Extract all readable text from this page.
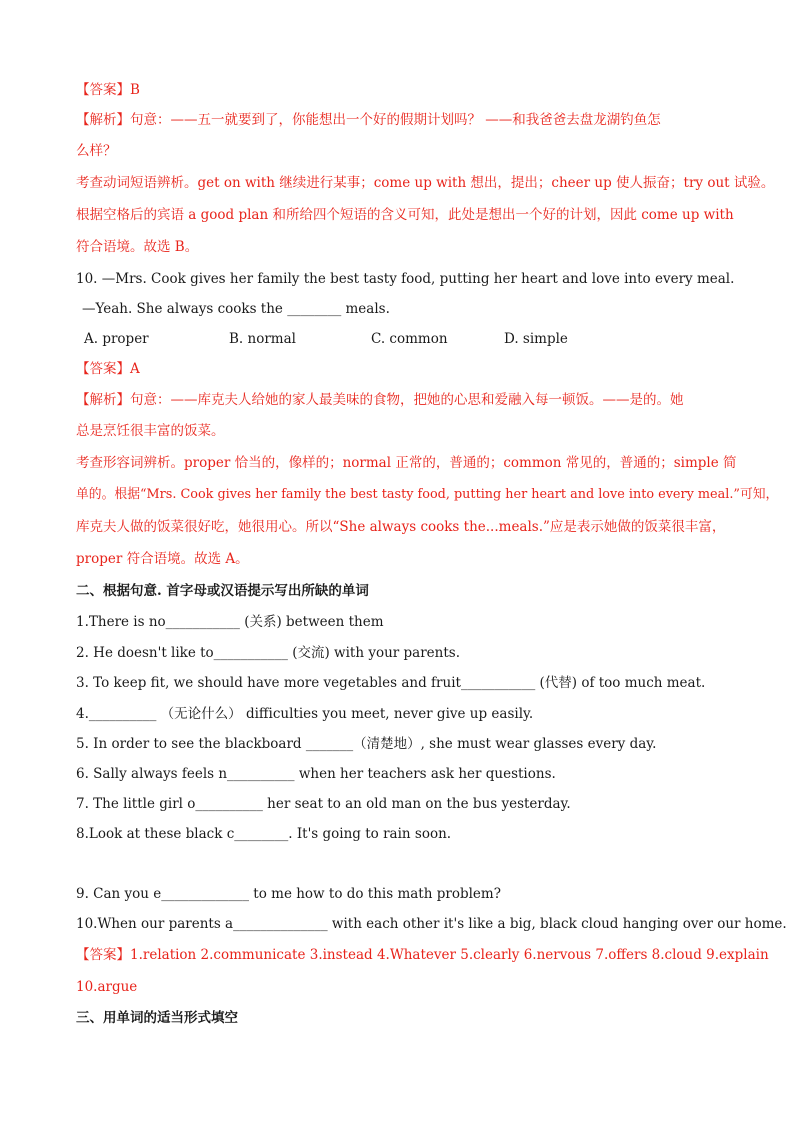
【答案】B
【解析】句意：——五一就要到了，你能想出一个好的假期计划吗？ ——和我爸爸去盘龙湖钓鱼怎
么样？
考查动词短语辨析。get on with 继续进行某事；come up with 想出，提出；cheer up 使人振奋；try out 试验。
根据空格后的宾语 a good plan 和所给四个短语的含义可知，此处是想出一个好的计划，因此 come up with
符合语境。故选 B。
10. —Mrs. Cook gives her family the best tasty food, putting her heart and love into every meal.
—Yeah. She always cooks the ________ meals.
A. proper	B. normal	C. common	D. simple
【答案】A
【解析】句意：——库克夫人给她的家人最美味的食物，把她的心思和爱融入每一顿饭。——是的。她
总是烹饪很丰富的饭菜。
考查形容词辨析。proper 恰当的，像样的；normal 正常的，普通的；common 常见的，普通的；simple 简
单的。根据“Mrs. Cook gives her family the best tasty food, putting her heart and love into every meal.”可知，
库克夫人做的饭菜很好吃，她很用心。所以“She always cooks the...meals.”应是表示她做的饭菜很丰富，
proper 符合语境。故选 A。
二、根据句意. 首字母或汉语提示写出所缺的单词
1.There is no___________ (关系) between them
2. He doesn't like to___________ (交流) with your parents.
3. To keep fit, we should have more vegetables and fruit___________ (代替) of too much meat.
4.__________ （无论什么） difficulties you meet, never give up easily.
5. In order to see the blackboard _______（清楚地）, she must wear glasses every day.
6. Sally always feels n__________ when her teachers ask her questions.
7. The little girl o__________ her seat to an old man on the bus yesterday.
8.Look at these black c________. It's going to rain soon.
9. Can you e_____________ to me how to do this math problem?
10.When our parents a______________ with each other it's like a big, black cloud hanging over our home.
【答案】1.relation 2.communicate 3.instead 4.Whatever 5.clearly 6.nervous 7.offers 8.cloud 9.explain
10.argue
三、用单词的适当形式填空
